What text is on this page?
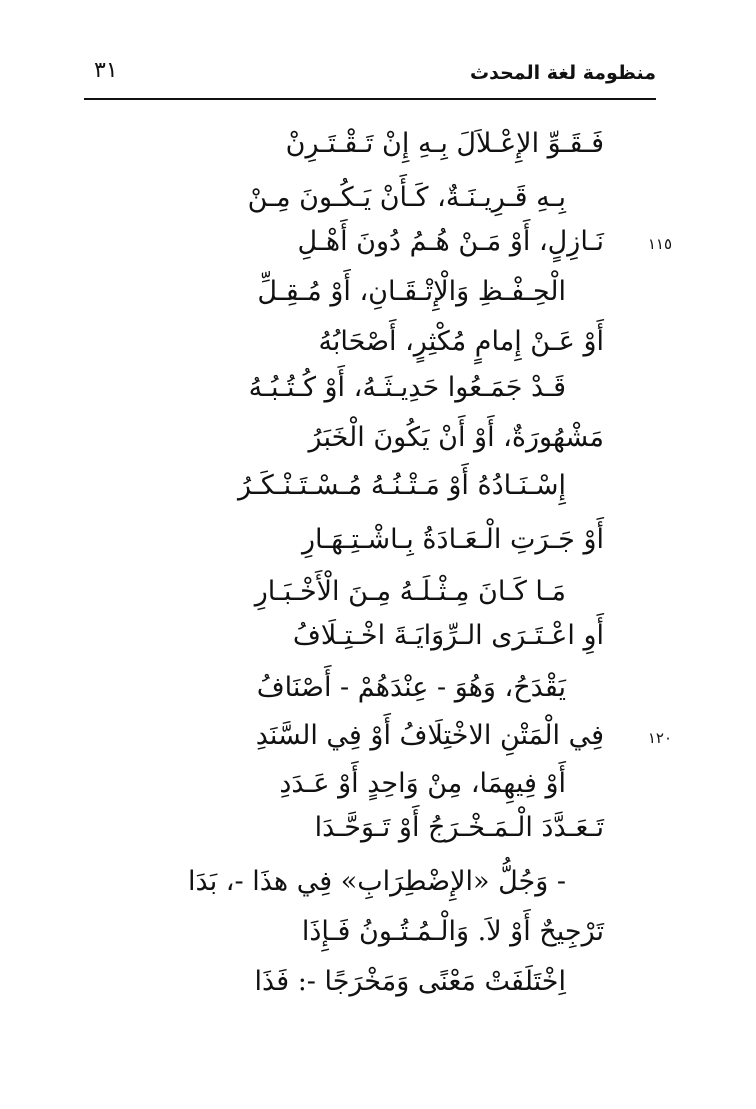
منظومة لغة المحدث
٣١
فَـقَـوِّ الإِعْـلاَلَ بِـهِ إِنْ تَـقْـتَـرِنْ
بِـهِ قَـرِيـنَـةٌ، كَـأَنْ يَـكُـونَ مِـنْ
نَـازِلٍ، أَوْ مَـنْ هُـمُ دُونَ أَهْـلِ
الْحِـفْـظِ وَالْإِتْـقَـانِ، أَوْ مُـقِـلِّ
أَوْ عَـنْ إِمامٍ مُكْثِرٍ، أَصْحَابُهُ
قَـدْ جَمَـعُوا حَدِيـثَـهُ، أَوْ كُـتُـبُـهُ
مَشْهُورَةٌ، أَوْ أَنْ يَكُونَ الْخَبَرُ
إِسْـنَـادُهُ أَوْ مَـتْـنُـهُ مُـسْـتَـنْـكَـرُ
أَوْ جَـرَتِ الْـعَـادَةُ بِـاشْـتِـهَـارِ
مَـا كَـانَ مِـثْـلَـهُ مِـنَ الْأَخْـبَـارِ
أَوِ اعْـتَـرَى الـرِّوَايَـةَ اخْـتِـلَافُ
يَقْدَحُ، وَهُوَ - عِنْدَهُمْ - أَصْنَافُ
فِي الْمَتْنِ الاخْتِلَافُ أَوْ فِي السَّنَدِ
أَوْ فِيهِمَا، مِنْ وَاحِدٍ أَوْ عَـدَدِ
تَـعَـدَّدَ الْـمَـخْـرَجُ أَوْ تَـوَحَّـدَا
- وَجُلُّ «الإِضْطِرَابِ» فِي هذَا -، بَدَا
تَرْجِيحٌ أَوْ لاَ. وَالْـمُـتُـونُ فَـإِذَا
اِخْتَلَفَتْ مَعْنًى وَمَخْرَجًا -: فَذَا
١١٥
١٢٠
